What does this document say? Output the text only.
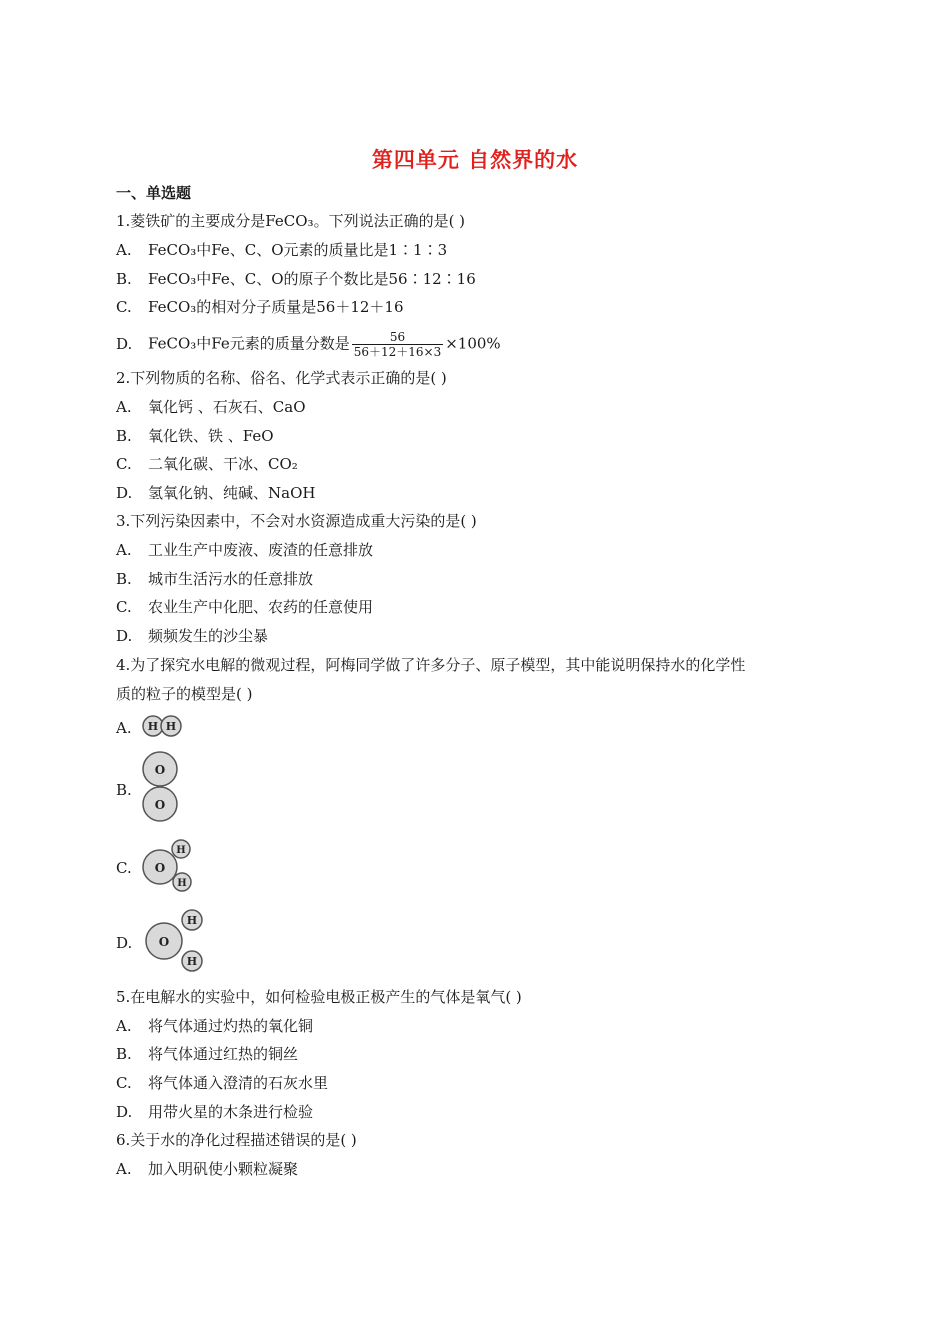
第四单元 自然界的水
一、单选题
1.菱铁矿的主要成分是FeCO₃。下列说法正确的是( )
A. FeCO₃中Fe、C、O元素的质量比是1∶1∶3
B. FeCO₃中Fe、C、O的原子个数比是56∶12∶16
C. FeCO₃的相对分子质量是56＋12＋16
D. FeCO₃中Fe元素的质量分数是 $\frac{56}{56+12+16\times 3} \times 100\%$
2.下列物质的名称、俗名、化学式表示正确的是( )
A. 氧化钙 、石灰石、CaO
B. 氧化铁、铁 、FeO
C. 二氧化碳、干冰、CO₂
D. 氢氧化钠、纯碱、NaOH
3.下列污染因素中，不会对水资源造成重大污染的是( )
A. 工业生产中废液、废渣的任意排放
B. 城市生活污水的任意排放
C. 农业生产中化肥、农药的任意使用
D. 频频发生的沙尘暴
4.为了探究水电解的微观过程，阿梅同学做了许多分子、原子模型，其中能说明保持水的化学性
质的粒子的模型是( )
A.	H H
B.
O
O
C.	O
H
H
D.	O
H
H
5.在电解水的实验中，如何检验电极正极产生的气体是氧气( )
A. 将气体通过灼热的氧化铜
B. 将气体通过红热的铜丝
C. 将气体通入澄清的石灰水里
D. 用带火星的木条进行检验
6.关于水的净化过程描述错误的是( )
A. 加入明矾使小颗粒凝聚
